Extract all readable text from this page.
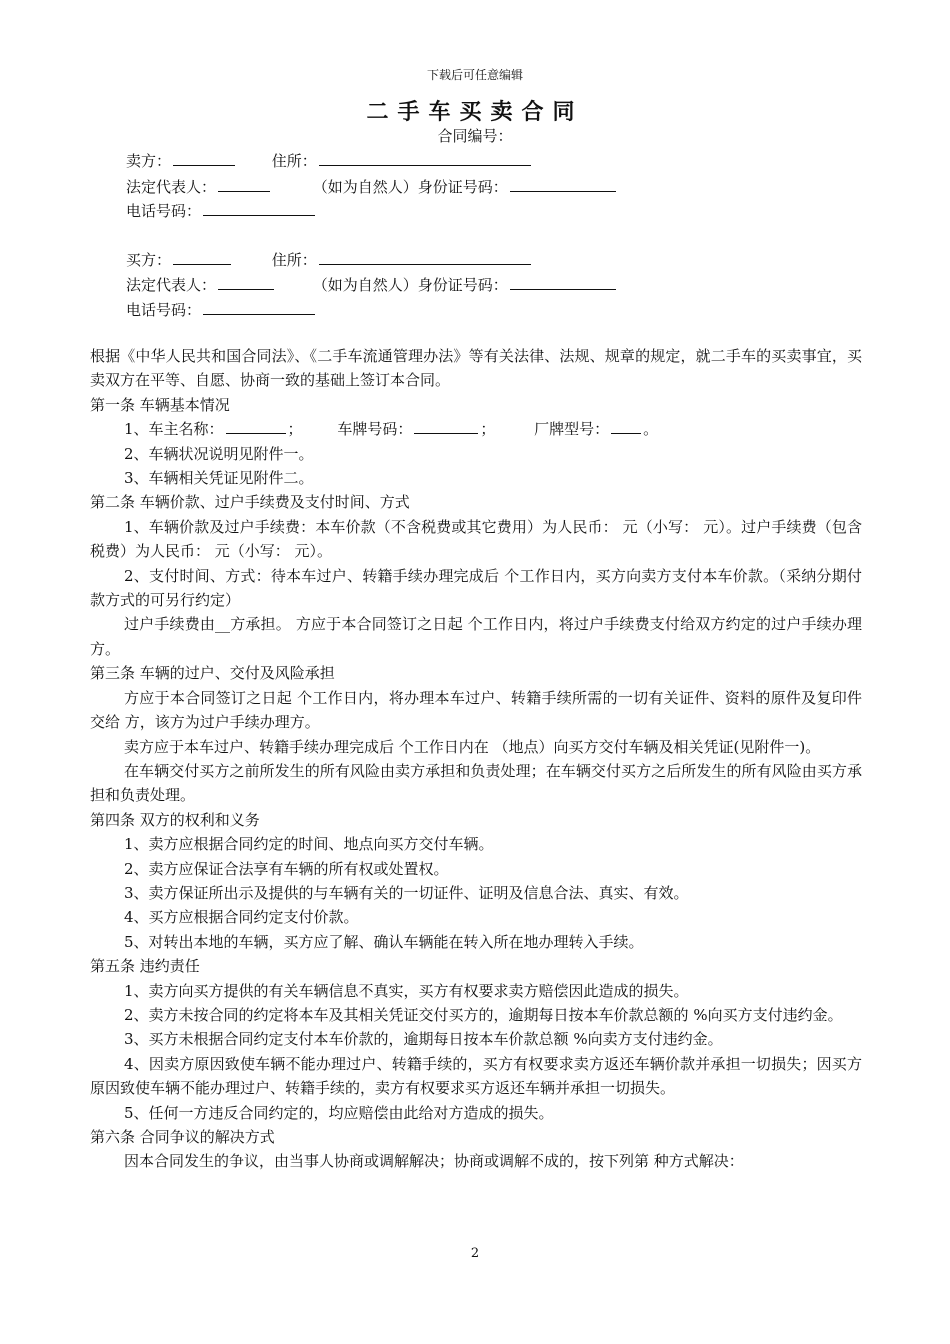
下载后可任意编辑
二手车买卖合同
合同编号：
卖方：	住所：
法定代表人：	（如为自然人）身份证号码：
电话号码：
买方：	住所：
法定代表人：	（如为自然人）身份证号码：
电话号码：

根据《中华人民共和国合同法》、《二手车流通管理办法》等有关法律、法规、规章的规定，就二手车的买卖事宜，买卖双方在平等、自愿、协商一致的基础上签订本合同。

第一条 车辆基本情况

1、车主名称：	； 车牌号码：	；	厂牌型号： 。

2、车辆状况说明见附件一。

3、车辆相关凭证见附件二。

第二条 车辆价款、过户手续费及支付时间、方式

1、车辆价款及过户手续费：本车价款（不含税费或其它费用）为人民币： 元（小写： 元）。过户手续费（包含税费）为人民币： 元（小写： 元）。

2、支付时间、方式：待本车过户、转籍手续办理完成后 个工作日内，买方向卖方支付本车价款。（采纳分期付款方式的可另行约定）

过户手续费由__方承担。 方应于本合同签订之日起 个工作日内，将过户手续费支付给双方约定的过户手续办理方。

第三条 车辆的过户、交付及风险承担

方应于本合同签订之日起 个工作日内，将办理本车过户、转籍手续所需的一切有关证件、资料的原件及复印件交给 方，该方为过户手续办理方。

卖方应于本车过户、转籍手续办理完成后 个工作日内在 （地点）向买方交付车辆及相关凭证(见附件一)。

在车辆交付买方之前所发生的所有风险由卖方承担和负责处理；在车辆交付买方之后所发生的所有风险由买方承担和负责处理。

第四条 双方的权利和义务

1、卖方应根据合同约定的时间、地点向买方交付车辆。

2、卖方应保证合法享有车辆的所有权或处置权。

3、卖方保证所出示及提供的与车辆有关的一切证件、证明及信息合法、真实、有效。

4、买方应根据合同约定支付价款。

5、对转出本地的车辆，买方应了解、确认车辆能在转入所在地办理转入手续。

第五条 违约责任

1、卖方向买方提供的有关车辆信息不真实，买方有权要求卖方赔偿因此造成的损失。

2、卖方未按合同的约定将本车及其相关凭证交付买方的，逾期每日按本车价款总额的 %向买方支付违约金。

3、买方未根据合同约定支付本车价款的，逾期每日按本车价款总额 %向卖方支付违约金。

4、因卖方原因致使车辆不能办理过户、转籍手续的，买方有权要求卖方返还车辆价款并承担一切损失；因买方原因致使车辆不能办理过户、转籍手续的，卖方有权要求买方返还车辆并承担一切损失。

5、任何一方违反合同约定的，均应赔偿由此给对方造成的损失。

第六条 合同争议的解决方式

因本合同发生的争议，由当事人协商或调解解决；协商或调解不成的，按下列第 种方式解决：

2
